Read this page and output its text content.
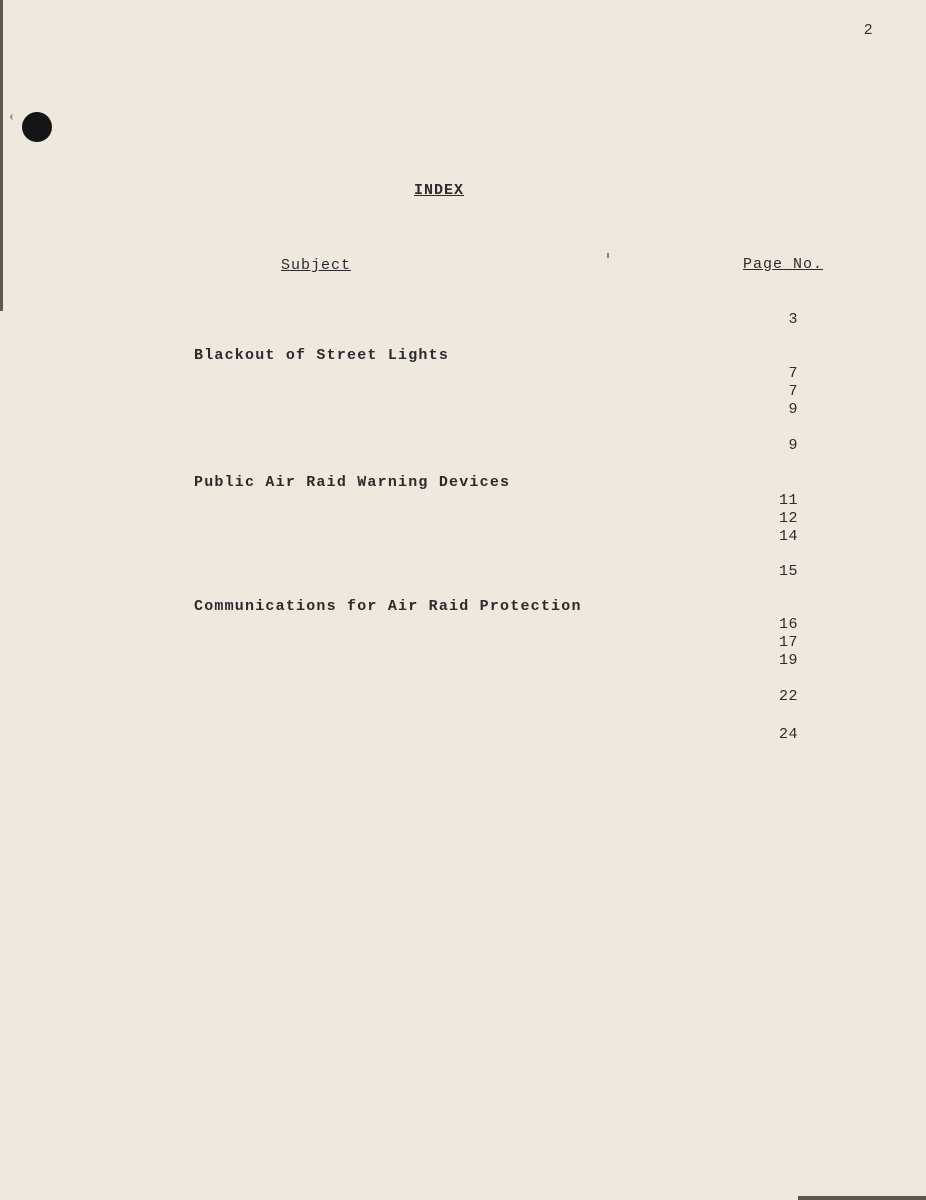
2
INDEX
Subject	Page No.
3
Blackout of Street Lights
7
7
9
9
Public Air Raid Warning Devices
11
12
14
15
Communications for Air Raid Protection
16
17
19
22
24
